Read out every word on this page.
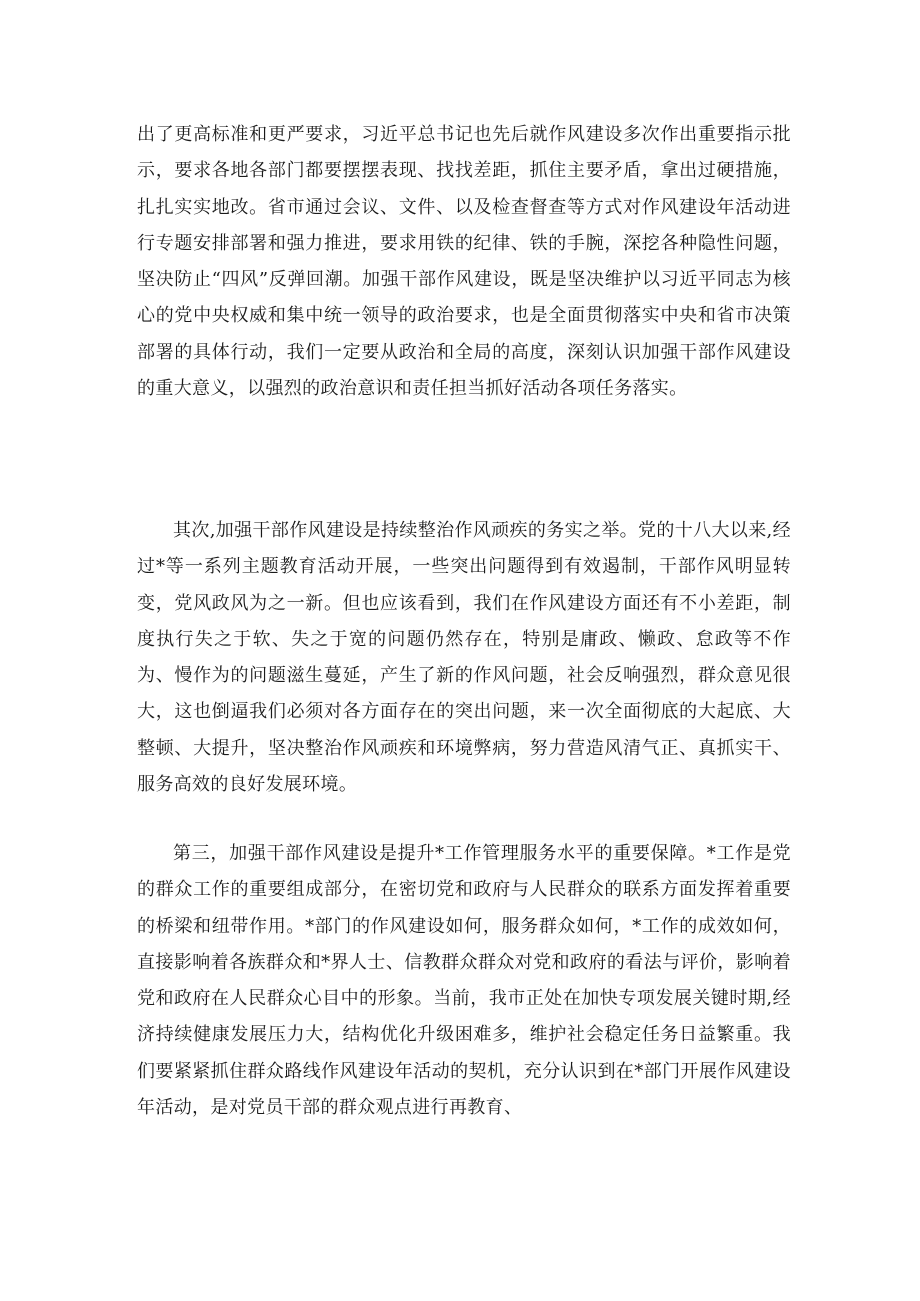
出了更高标准和更严要求，习近平总书记也先后就作风建设多次作出重要指示批示，要求各地各部门都要摆摆表现、找找差距，抓住主要矛盾，拿出过硬措施，扎扎实实地改。省市通过会议、文件、以及检查督查等方式对作风建设年活动进行专题安排部署和强力推进，要求用铁的纪律、铁的手腕，深挖各种隐性问题，坚决防止“四风”反弹回潮。加强干部作风建设，既是坚决维护以习近平同志为核心的党中央权威和集中统一领导的政治要求，也是全面贯彻落实中央和省市决策部署的具体行动，我们一定要从政治和全局的高度，深刻认识加强干部作风建设的重大意义，以强烈的政治意识和责任担当抓好活动各项任务落实。

其次,加强干部作风建设是持续整治作风顽疾的务实之举。党的十八大以来,经过*等一系列主题教育活动开展，一些突出问题得到有效遏制，干部作风明显转变，党风政风为之一新。但也应该看到，我们在作风建设方面还有不小差距，制度执行失之于软、失之于宽的问题仍然存在，特别是庸政、懒政、怠政等不作为、慢作为的问题滋生蔓延，产生了新的作风问题，社会反响强烈，群众意见很大，这也倒逼我们必须对各方面存在的突出问题，来一次全面彻底的大起底、大整顿、大提升，坚决整治作风顽疾和环境弊病，努力营造风清气正、真抓实干、服务高效的良好发展环境。

第三，加强干部作风建设是提升*工作管理服务水平的重要保障。*工作是党的群众工作的重要组成部分，在密切党和政府与人民群众的联系方面发挥着重要的桥梁和纽带作用。*部门的作风建设如何，服务群众如何，*工作的成效如何，直接影响着各族群众和*界人士、信教群众群众对党和政府的看法与评价，影响着党和政府在人民群众心目中的形象。当前，我市正处在加快专项发展关键时期,经济持续健康发展压力大，结构优化升级困难多，维护社会稳定任务日益繁重。我们要紧紧抓住群众路线作风建设年活动的契机，充分认识到在*部门开展作风建设年活动，是对党员干部的群众观点进行再教育、
